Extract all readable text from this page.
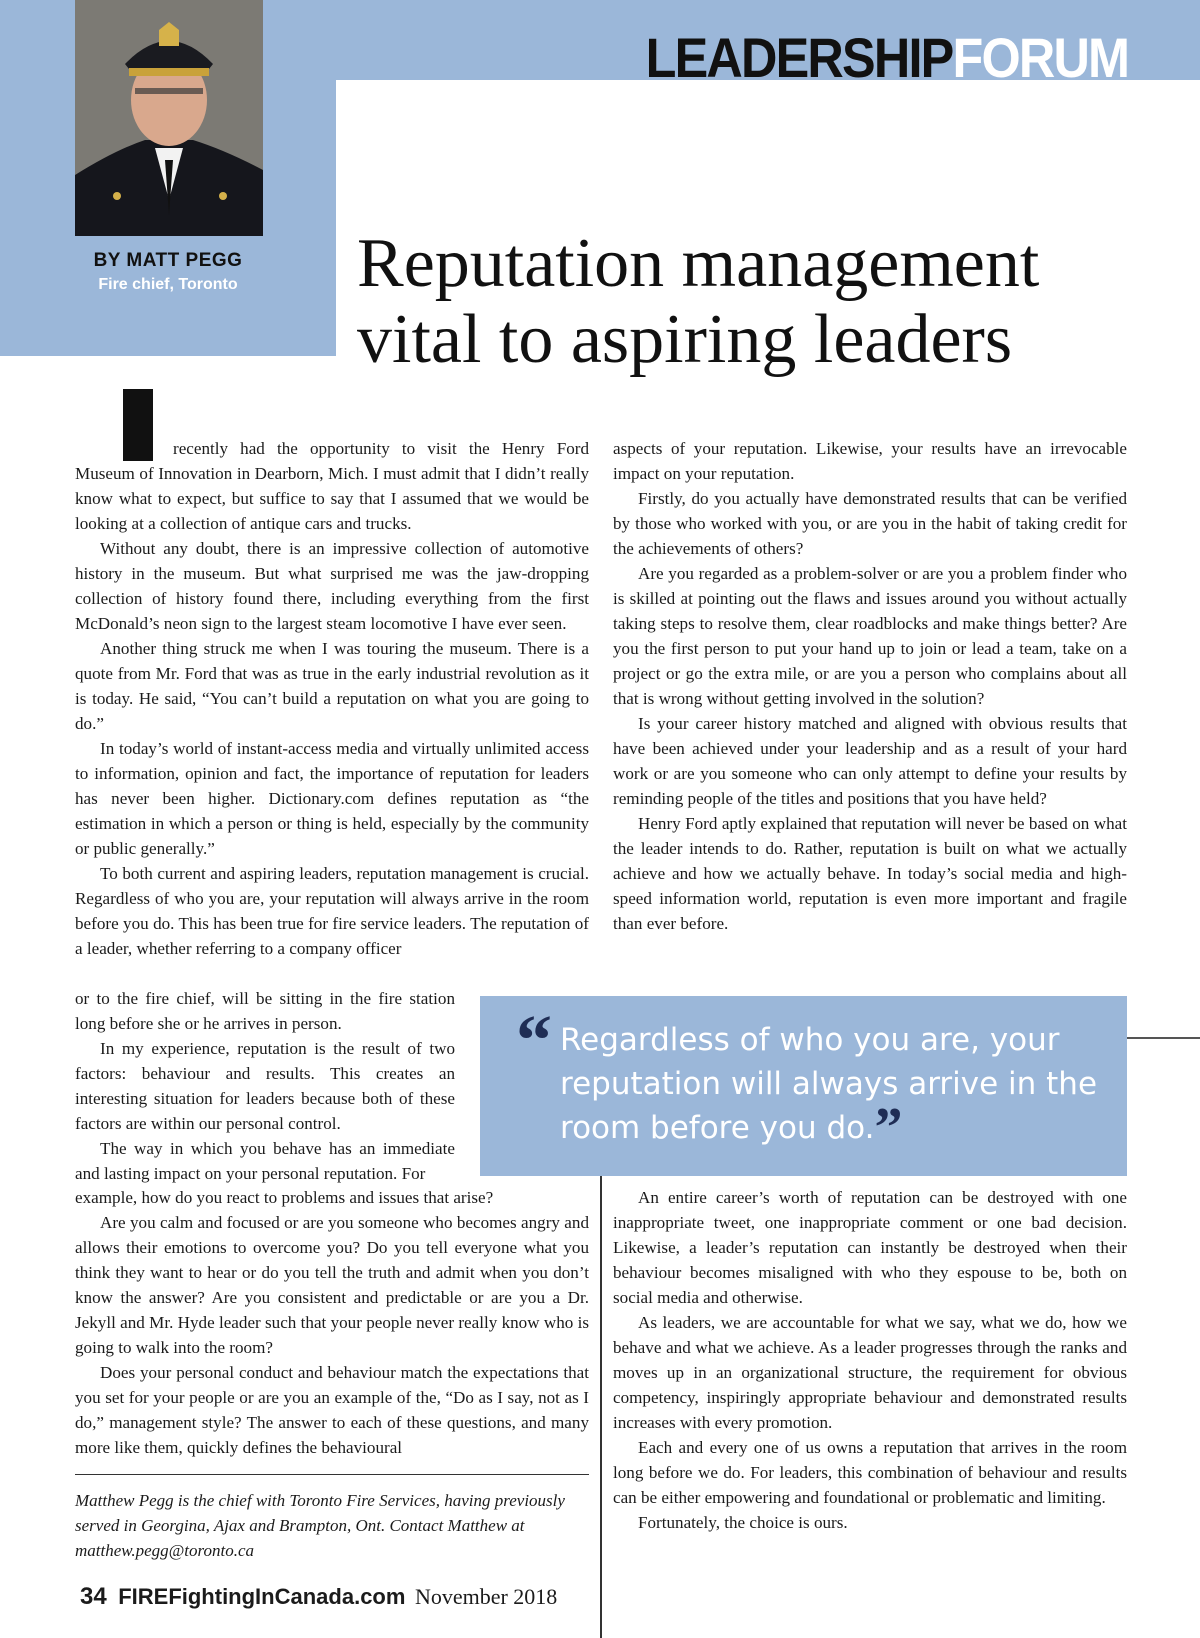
LEADERSHIPFORUM
BY MATT PEGG
Fire chief, Toronto	Reputation management
vital to aspiring leaders

recently had the opportunity to visit the Henry Ford Museum of Innovation in Dearborn, Mich. I must admit that I didn’t really know what to expect, but suffice to say that I assumed that we would be looking at a collection of antique cars and trucks.

Without any doubt, there is an impressive collection of automotive history in the museum. But what surprised me was the jaw-dropping collection of history found there, including everything from the first McDonald’s neon sign to the largest steam locomotive I have ever seen.

Another thing struck me when I was touring the museum. There is a quote from Mr. Ford that was as true in the early industrial revolution as it is today. He said, “You can’t build a reputation on what you are going to do.”

In today’s world of instant-access media and virtually unlimited access to information, opinion and fact, the importance of reputation for leaders has never been higher. Dictionary.com defines reputation as “the estimation in which a person or thing is held, especially by the community or public generally.”

To both current and aspiring leaders, reputation management is crucial. Regardless of who you are, your reputation will always arrive in the room before you do. This has been true for fire service leaders. The reputation of a leader, whether referring to a company officer

or to the fire chief, will be sitting in the fire station long before she or he arrives in person.

In my experience, reputation is the result of two factors: behaviour and results. This creates an interesting situation for leaders because both of these factors are within our personal control.

The way in which you behave has an immediate and lasting impact on your personal reputation. For

example, how do you react to problems and issues that arise?

Are you calm and focused or are you someone who becomes angry and allows their emotions to overcome you? Do you tell everyone what you think they want to hear or do you tell the truth and admit when you don’t know the answer? Are you consistent and predictable or are you a Dr. Jekyll and Mr. Hyde leader such that your people never really know who is going to walk into the room?

Does your personal conduct and behaviour match the expectations that you set for your people or are you an example of the, “Do as I say, not as I do,” management style? The answer to each of these questions, and many more like them, quickly defines the behavioural

aspects of your reputation. Likewise, your results have an irrevocable impact on your reputation.

Firstly, do you actually have demonstrated results that can be verified by those who worked with you, or are you in the habit of taking credit for the achievements of others?

Are you regarded as a problem-solver or are you a problem finder who is skilled at pointing out the flaws and issues around you without actually taking steps to resolve them, clear roadblocks and make things better? Are you the first person to put your hand up to join or lead a team, take on a project or go the extra mile, or are you a person who complains about all that is wrong without getting involved in the solution?

Is your career history matched and aligned with obvious results that have been achieved under your leadership and as a result of your hard work or are you someone who can only attempt to define your results by reminding people of the titles and positions that you have held?

Henry Ford aptly explained that reputation will never be based on what the leader intends to do. Rather, reputation is built on what we actually achieve and how we actually behave. In today’s social media and high-speed information world, reputation is even more important and fragile than ever before.

“ Regardless of who you are, your reputation will always arrive in the room before you do.”

An entire career’s worth of reputation can be destroyed with one inappropriate tweet, one inappropriate comment or one bad decision. Likewise, a leader’s reputation can instantly be destroyed when their behaviour becomes misaligned with who they espouse to be, both on social media and otherwise.

As leaders, we are accountable for what we say, what we do, how we behave and what we achieve. As a leader progresses through the ranks and moves up in an organizational structure, the requirement for obvious competency, inspiringly appropriate behaviour and demonstrated results increases with every promotion.

Each and every one of us owns a reputation that arrives in the room long before we do. For leaders, this combination of behaviour and results can be either empowering and foundational or problematic and limiting.

Fortunately, the choice is ours.

Matthew Pegg is the chief with Toronto Fire Services, having previously served in Georgina, Ajax and Brampton, Ont. Contact Matthew at matthew.pegg@toronto.ca
34 FIREFightingInCanada.com November 2018
